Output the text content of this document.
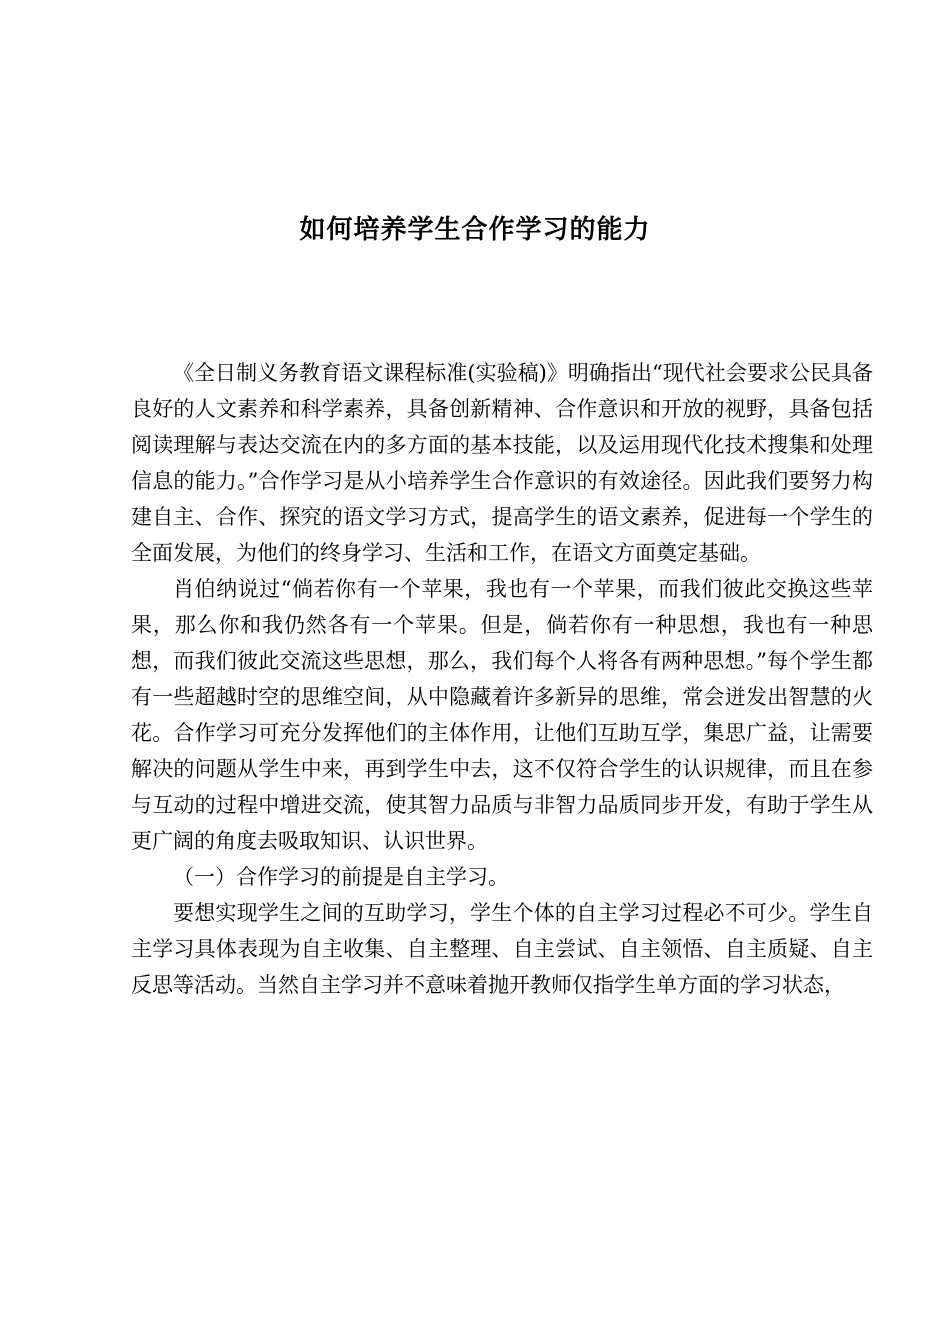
如何培养学生合作学习的能力

《全日制义务教育语文课程标准(实验稿)》明确指出“现代社会要求公民具备良好的人文素养和科学素养，具备创新精神、合作意识和开放的视野，具备包括阅读理解与表达交流在内的多方面的基本技能，以及运用现代化技术搜集和处理信息的能力。”合作学习是从小培养学生合作意识的有效途径。因此我们要努力构建自主、合作、探究的语文学习方式，提高学生的语文素养，促进每一个学生的全面发展，为他们的终身学习、生活和工作，在语文方面奠定基础。

肖伯纳说过“倘若你有一个苹果，我也有一个苹果，而我们彼此交换这些苹果，那么你和我仍然各有一个苹果。但是，倘若你有一种思想，我也有一种思想，而我们彼此交流这些思想，那么，我们每个人将各有两种思想。”每个学生都有一些超越时空的思维空间，从中隐藏着许多新异的思维，常会迸发出智慧的火花。合作学习可充分发挥他们的主体作用，让他们互助互学，集思广益，让需要解决的问题从学生中来，再到学生中去，这不仅符合学生的认识规律，而且在参与互动的过程中增进交流，使其智力品质与非智力品质同步开发，有助于学生从更广阔的角度去吸取知识、认识世界。

（一）合作学习的前提是自主学习。

要想实现学生之间的互助学习，学生个体的自主学习过程必不可少。学生自主学习具体表现为自主收集、自主整理、自主尝试、自主领悟、自主质疑、自主反思等活动。当然自主学习并不意味着抛开教师仅指学生单方面的学习状态，
